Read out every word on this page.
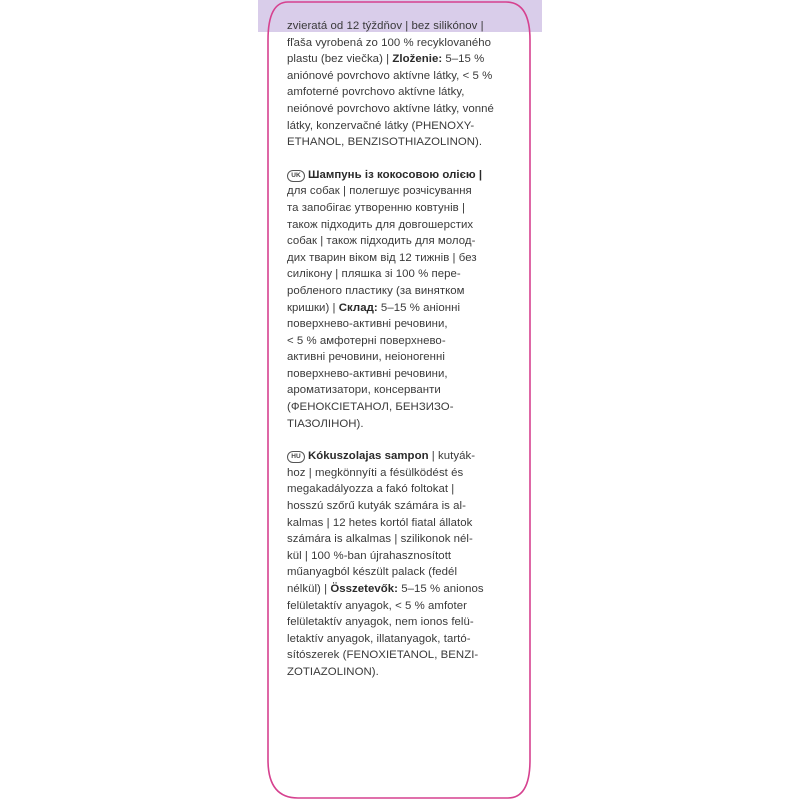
zvieratá od 12 týždňov | bez silikónov |
fľaša vyrobená zo 100 % recyklovaného
plastu (bez viečka) | Zloženie: 5–15 %
aniónové povrchovo aktívne látky, < 5 %
amfoterné povrchovo aktívne látky,
neiónové povrchovo aktívne látky, vonné
látky, konzervačné látky (PHENOXY-
ETHANOL, BENZISOTHIAZOLINON).
UK Шампунь із кокосовою олією |
для собак | полегшує розчісування
та запобігає утворенню ковтунів |
також підходить для довгошерстих
собак | також підходить для молод-
дих тварин віком від 12 тижнів | без
силікону | пляшка зі 100 % пере-
робленого пластику (за винятком
кришки) | Склад: 5–15 % аніонні
поверхнево-активні речовини,
< 5 % амфотерні поверхнево-
активні речовини, неіоногенні
поверхнево-активні речовини,
ароматизатори, консерванти
(ФЕНОКСІЕТАНОЛ, БЕНЗИЗО-
ТІАЗОЛІНОН).
HU Kókuszolajas sampon | kutyák-
hoz | megkönnyíti a fésülködést és
megakadályozza a fakó foltokat |
hosszú szőrű kutyák számára is al-
kalmas | 12 hetes kortól fiatal állatok
számára is alkalmas | szilikonok nél-
kül | 100 %-ban újrahasznosított
műanyagból készült palack (fedél
nélkül) | Összetevők: 5–15 % anionos
felületaktív anyagok, < 5 % amfoter
felületaktív anyagok, nem ionos felü-
letaktív anyagok, illatanyagok, tartó-
sítószerek (FENOXIETANOL, BENZI-
ZOTIAZOLINON).
